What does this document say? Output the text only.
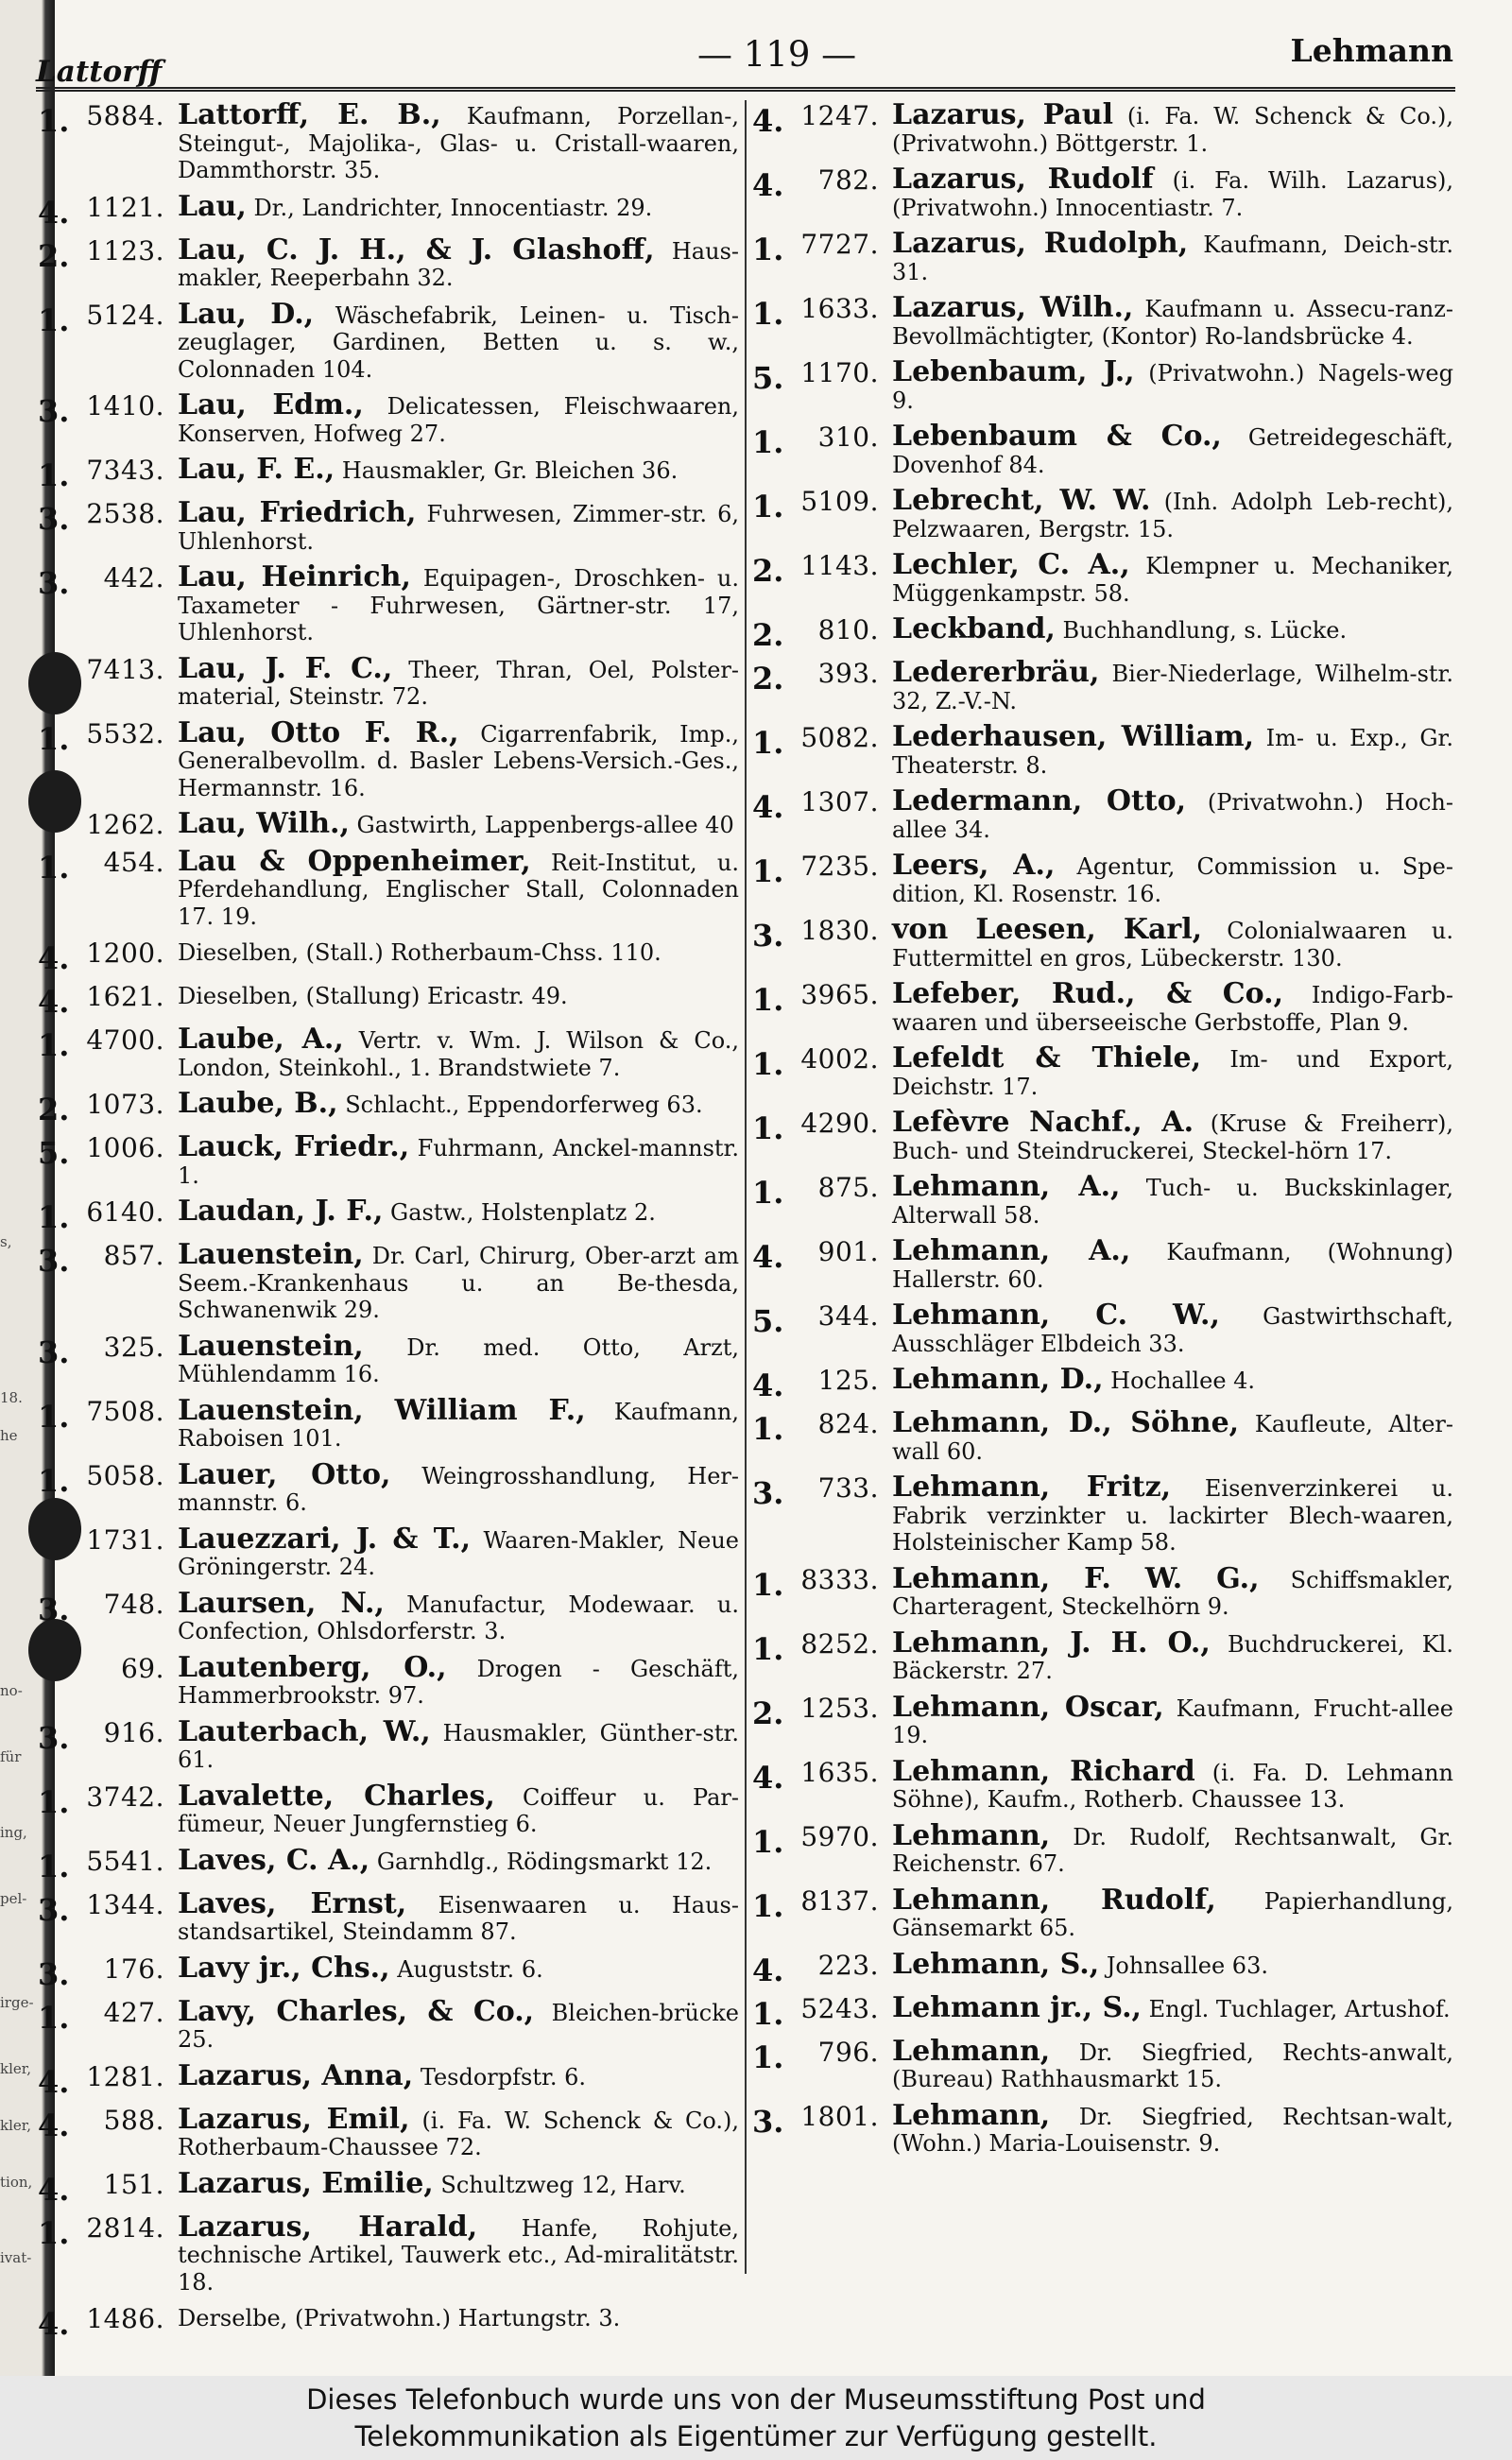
s,
18.
he
no-
für
ing,
pel-
irge-
kler,
kler,
tion,
ivat-
Lattorff	— 119 —	Lehmann
1. 5884. Lattorff, E. B., Kaufmann, Porzellan-, Steingut-, Majolika-, Glas- u. Cristall-waaren, Dammthorstr. 35.
4. 1121. Lau, Dr., Landrichter, Innocentiastr. 29.
2. 1123. Lau, C. J. H., & J. Glashoff, Haus-makler, Reeperbahn 32.
1. 5124. Lau, D., Wäschefabrik, Leinen- u. Tisch-zeuglager, Gardinen, Betten u. s. w., Colonnaden 104.
3. 1410. Lau, Edm., Delicatessen, Fleischwaaren, Konserven, Hofweg 27.
1. 7343. Lau, F. E., Hausmakler, Gr. Bleichen 36.
3. 2538. Lau, Friedrich, Fuhrwesen, Zimmer-str. 6, Uhlenhorst.
3.	442. Lau, Heinrich, Equipagen-, Droschken- u. Taxameter - Fuhrwesen, Gärtner-str. 17, Uhlenhorst.
7413. Lau, J. F. C., Theer, Thran, Oel, Polster-material, Steinstr. 72.
1. 5532. Lau, Otto F. R., Cigarrenfabrik, Imp., Generalbevollm. d. Basler Lebens-Versich.-Ges., Hermannstr. 16.
1262. Lau, Wilh., Gastwirth, Lappenbergs-allee 40
1.	454. Lau & Oppenheimer, Reit-Institut, u. Pferdehandlung, Englischer Stall, Colonnaden 17. 19.
4. 1200. Dieselben, (Stall.) Rotherbaum-Chss. 110.
4. 1621. Dieselben, (Stallung) Ericastr. 49.
1. 4700. Laube, A., Vertr. v. Wm. J. Wilson & Co., London, Steinkohl., 1. Brandstwiete 7.
2. 1073. Laube, B., Schlacht., Eppendorferweg 63.
5. 1006. Lauck, Friedr., Fuhrmann, Anckel-mannstr. 1.
1. 6140. Laudan, J. F., Gastw., Holstenplatz 2.
3.	857. Lauenstein, Dr. Carl, Chirurg, Ober-arzt am Seem.-Krankenhaus u. an Be-thesda, Schwanenwik 29.
3.	325. Lauenstein, Dr. med. Otto, Arzt, Mühlendamm 16.
1. 7508. Lauenstein, William F., Kaufmann, Raboisen 101.
1. 5058. Lauer, Otto, Weingrosshandlung, Her-mannstr. 6.
1731. Lauezzari, J. & T., Waaren-Makler, Neue Gröningerstr. 24.
3.	748. Laursen, N., Manufactur, Modewaar. u. Confection, Ohlsdorferstr. 3.
69. Lautenberg, O., Drogen - Geschäft, Hammerbrookstr. 97.
3.	916. Lauterbach, W., Hausmakler, Günther-str. 61.
1. 3742. Lavalette, Charles, Coiffeur u. Par-fümeur, Neuer Jungfernstieg 6.
1. 5541. Laves, C. A., Garnhdlg., Rödingsmarkt 12.
3. 1344. Laves, Ernst, Eisenwaaren u. Haus-standsartikel, Steindamm 87.
3.	176. Lavy jr., Chs., Auguststr. 6.
1.	427. Lavy, Charles, & Co., Bleichen-brücke 25.
4. 1281. Lazarus, Anna, Tesdorpfstr. 6.
4.	588. Lazarus, Emil, (i. Fa. W. Schenck & Co.), Rotherbaum-Chaussee 72.
4.	151. Lazarus, Emilie, Schultzweg 12, Harv.
1. 2814. Lazarus, Harald, Hanfe, Rohjute, technische Artikel, Tauwerk etc., Ad-miralitätstr. 18.
4. 1486. Derselbe, (Privatwohn.) Hartungstr. 3.
4. 1247. Lazarus, Paul (i. Fa. W. Schenck & Co.), (Privatwohn.) Böttgerstr. 1.
4.	782. Lazarus, Rudolf (i. Fa. Wilh. Lazarus), (Privatwohn.) Innocentiastr. 7.
1. 7727. Lazarus, Rudolph, Kaufmann, Deich-str. 31.
1. 1633. Lazarus, Wilh., Kaufmann u. Assecu-ranz-Bevollmächtigter, (Kontor) Ro-landsbrücke 4.
5. 1170. Lebenbaum, J., (Privatwohn.) Nagels-weg 9.
1.	310. Lebenbaum & Co., Getreidegeschäft, Dovenhof 84.
1. 5109. Lebrecht, W. W. (Inh. Adolph Leb-recht), Pelzwaaren, Bergstr. 15.
2. 1143. Lechler, C. A., Klempner u. Mechaniker, Müggenkampstr. 58.
2.	810. Leckband, Buchhandlung, s. Lücke.
2.	393. Ledererbräu, Bier-Niederlage, Wilhelm-str. 32, Z.-V.-N.
1. 5082. Lederhausen, William, Im- u. Exp., Gr. Theaterstr. 8.
4. 1307. Ledermann, Otto, (Privatwohn.) Hoch-allee 34.
1. 7235. Leers, A., Agentur, Commission u. Spe-dition, Kl. Rosenstr. 16.
3. 1830. von Leesen, Karl, Colonialwaaren u. Futtermittel en gros, Lübeckerstr. 130.
1. 3965. Lefeber, Rud., & Co., Indigo-Farb-waaren und überseeische Gerbstoffe, Plan 9.
1. 4002. Lefeldt & Thiele, Im- und Export, Deichstr. 17.
1. 4290. Lefèvre Nachf., A. (Kruse & Freiherr), Buch- und Steindruckerei, Steckel-hörn 17.
1.	875. Lehmann, A., Tuch- u. Buckskinlager, Alterwall 58.
4.	901. Lehmann, A., Kaufmann, (Wohnung) Hallerstr. 60.
5.	344. Lehmann, C. W., Gastwirthschaft, Ausschläger Elbdeich 33.
4.	125. Lehmann, D., Hochallee 4.
1.	824. Lehmann, D., Söhne, Kaufleute, Alter-wall 60.
3.	733. Lehmann, Fritz, Eisenverzinkerei u. Fabrik verzinkter u. lackirter Blech-waaren, Holsteinischer Kamp 58.
1. 8333. Lehmann, F. W. G., Schiffsmakler, Charteragent, Steckelhörn 9.
1. 8252. Lehmann, J. H. O., Buchdruckerei, Kl. Bäckerstr. 27.
2. 1253. Lehmann, Oscar, Kaufmann, Frucht-allee 19.
4. 1635. Lehmann, Richard (i. Fa. D. Lehmann Söhne), Kaufm., Rotherb. Chaussee 13.
1. 5970. Lehmann, Dr. Rudolf, Rechtsanwalt, Gr. Reichenstr. 67.
1. 8137. Lehmann, Rudolf, Papierhandlung, Gänsemarkt 65.
4.	223. Lehmann, S., Johnsallee 63.
1. 5243. Lehmann jr., S., Engl. Tuchlager, Artushof.
1.	796. Lehmann, Dr. Siegfried, Rechts-anwalt, (Bureau) Rathhausmarkt 15.
3. 1801. Lehmann, Dr. Siegfried, Rechtsan-walt, (Wohn.) Maria-Louisenstr. 9.
Dieses Telefonbuch wurde uns von der Museumsstiftung Post und
Telekommunikation als Eigentümer zur Verfügung gestellt.
